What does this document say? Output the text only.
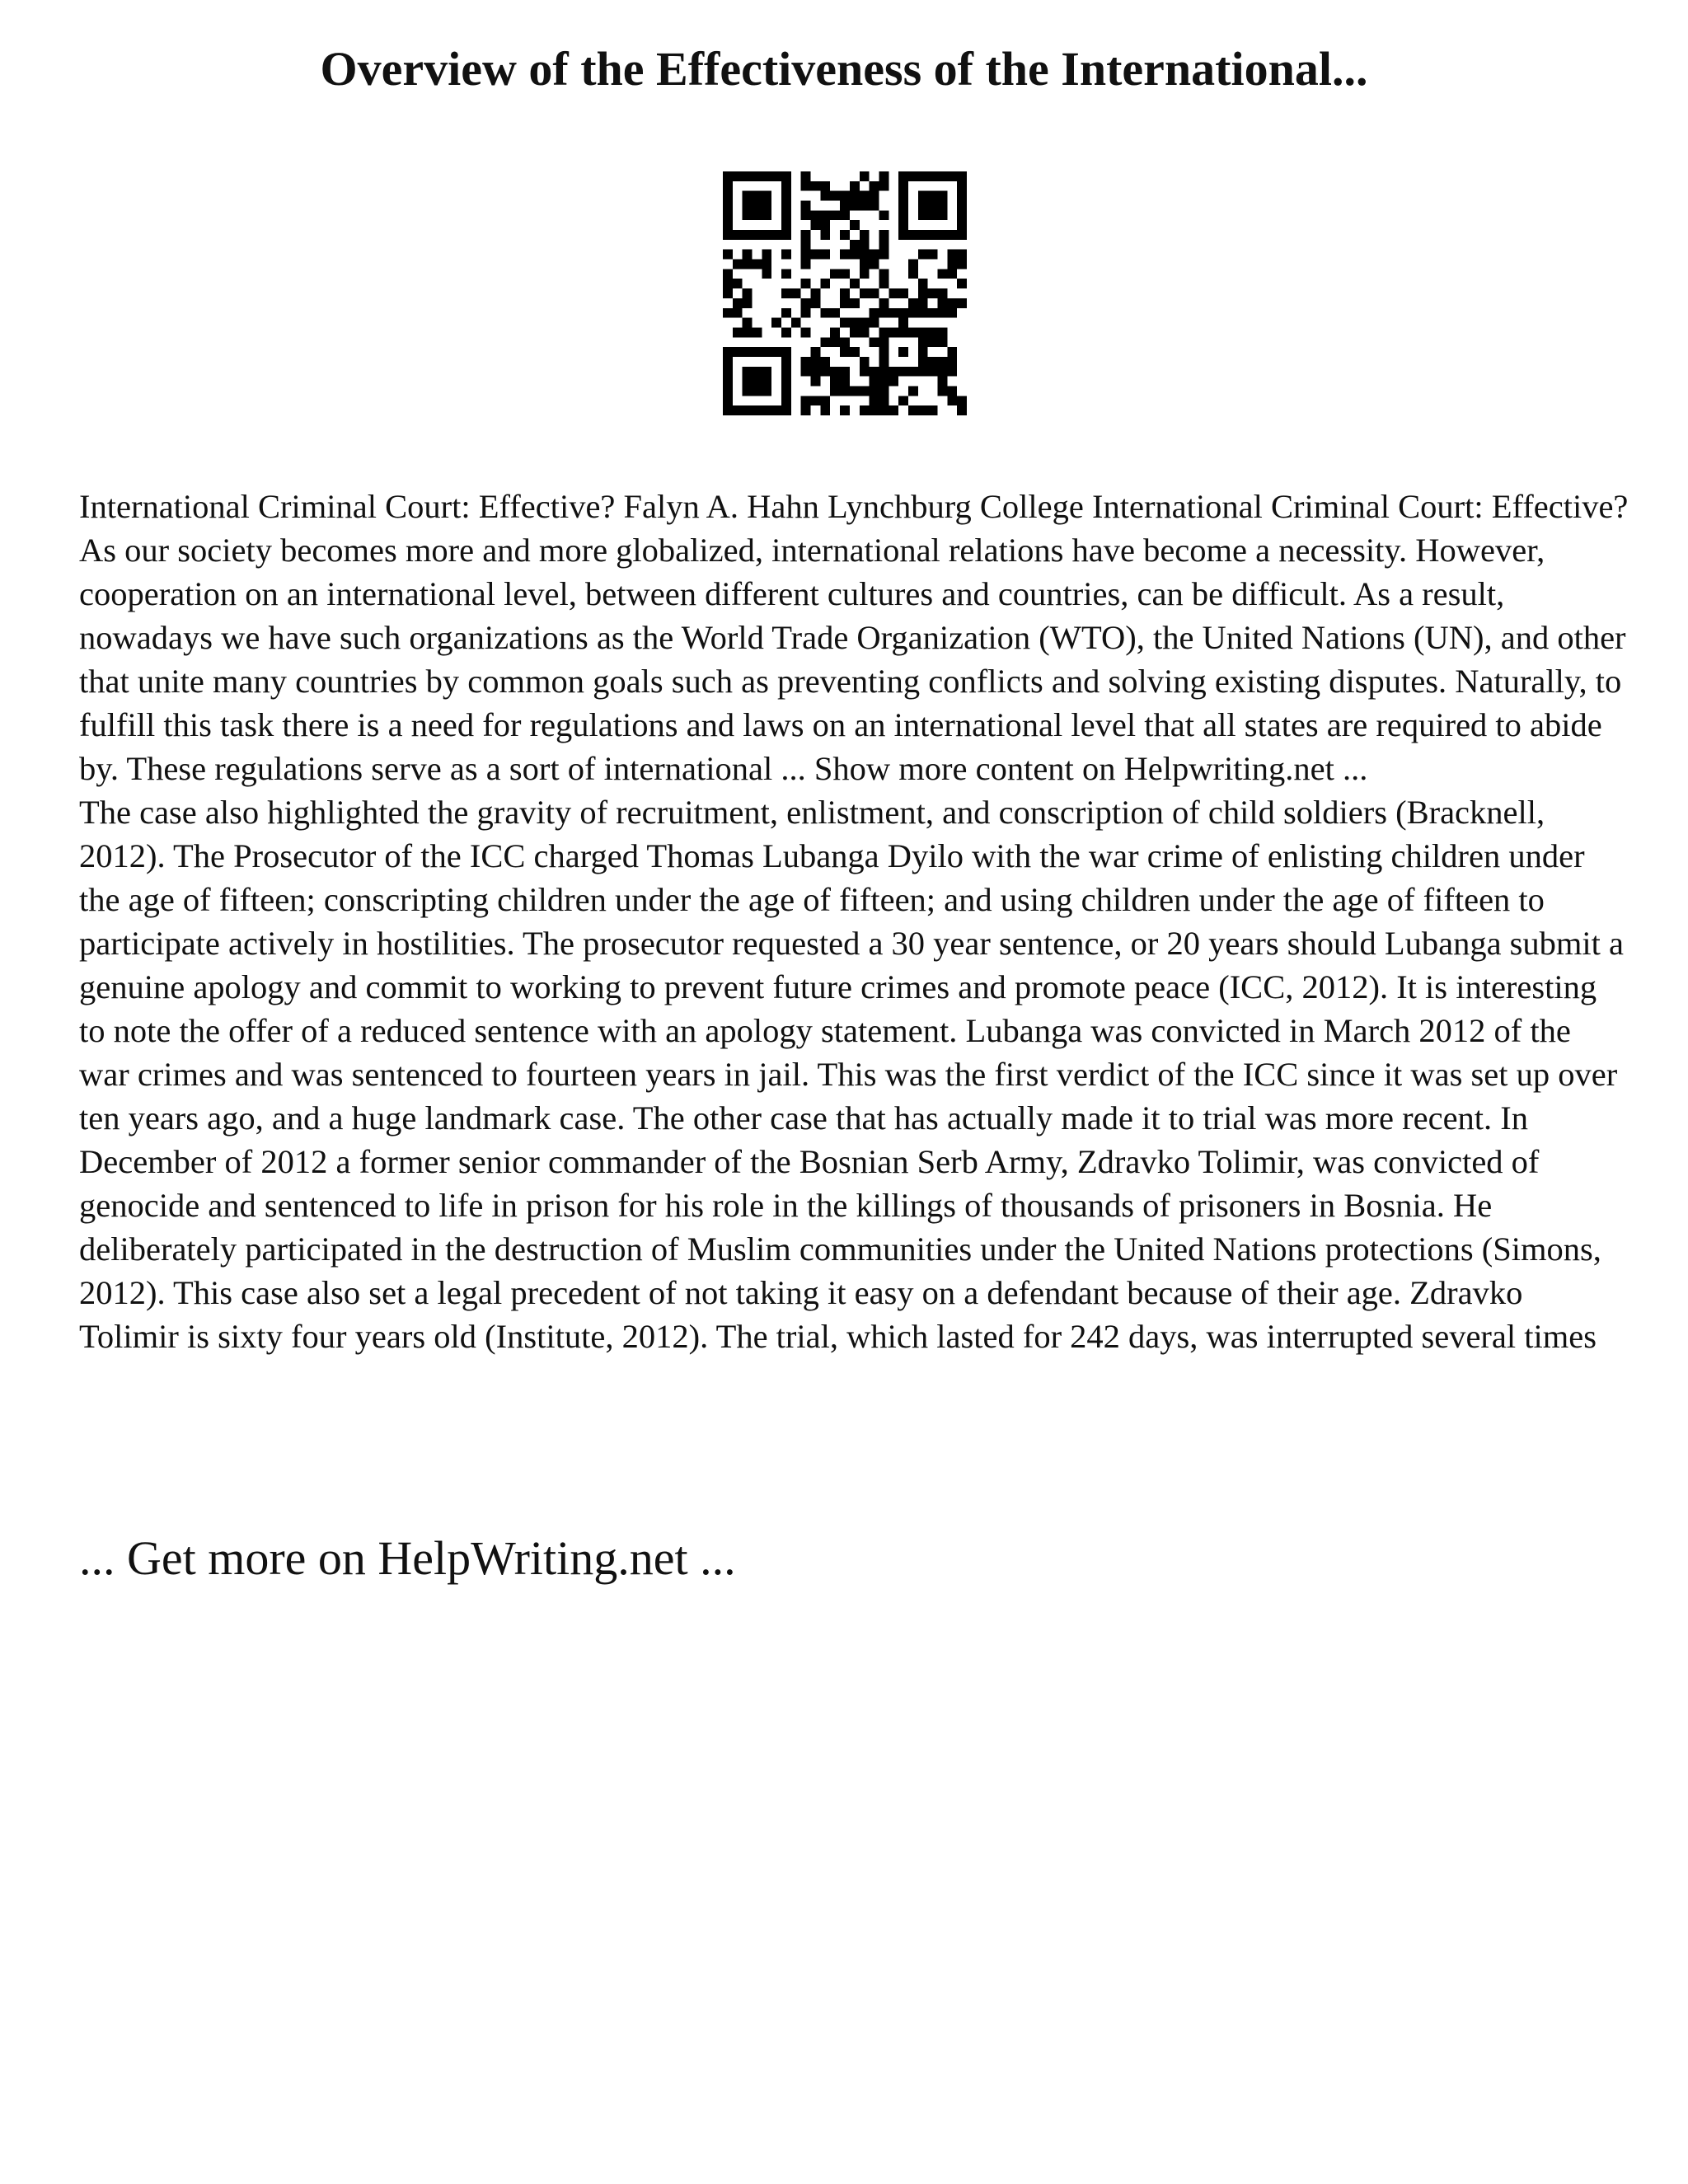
Overview of the Effectiveness of the International...

International Criminal Court: Effective? Falyn A. Hahn Lynchburg College International Criminal Court: Effective? As our society becomes more and more globalized, international relations have become a necessity. However, cooperation on an international level, between different cultures and countries, can be difficult. As a result, nowadays we have such organizations as the World Trade Organization (WTO), the United Nations (UN), and other that unite many countries by common goals such as preventing conflicts and solving existing disputes. Naturally, to fulfill this task there is a need for regulations and laws on an international level that all states are required to abide by. These regulations serve as a sort of international ... Show more content on Helpwriting.net ...

The case also highlighted the gravity of recruitment, enlistment, and conscription of child soldiers (Bracknell, 2012). The Prosecutor of the ICC charged Thomas Lubanga Dyilo with the war crime of enlisting children under the age of fifteen; conscripting children under the age of fifteen; and using children under the age of fifteen to participate actively in hostilities. The prosecutor requested a 30 year sentence, or 20 years should Lubanga submit a genuine apology and commit to working to prevent future crimes and promote peace (ICC, 2012). It is interesting to note the offer of a reduced sentence with an apology statement. Lubanga was convicted in March 2012 of the war crimes and was sentenced to fourteen years in jail. This was the first verdict of the ICC since it was set up over ten years ago, and a huge landmark case. The other case that has actually made it to trial was more recent. In December of 2012 a former senior commander of the Bosnian Serb Army, Zdravko Tolimir, was convicted of genocide and sentenced to life in prison for his role in the killings of thousands of prisoners in Bosnia. He deliberately participated in the destruction of Muslim communities under the United Nations protections (Simons, 2012). This case also set a legal precedent of not taking it easy on a defendant because of their age. Zdravko Tolimir is sixty four years old (Institute, 2012). The trial, which lasted for 242 days, was interrupted several times

... Get more on HelpWriting.net ...
